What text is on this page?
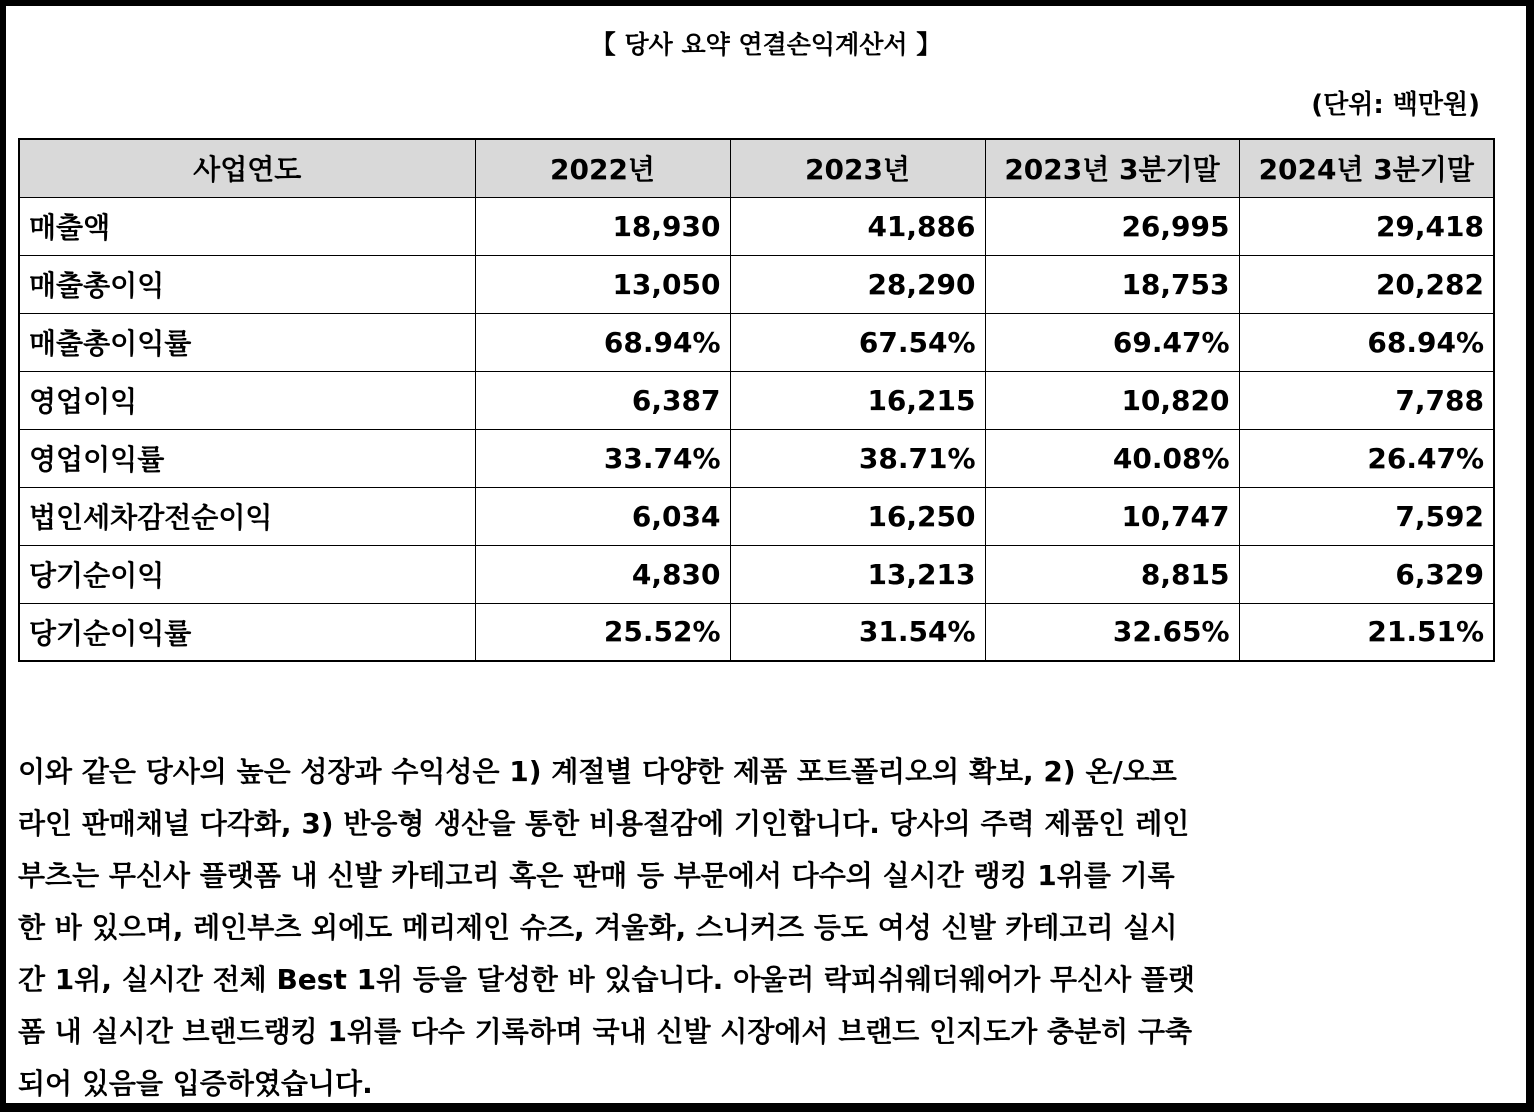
【 당사 요약 연결손익계산서 】
(단위: 백만원)
사업연도	2022년	2023년	2023년 3분기말	2024년 3분기말
매출액	18,930	41,886	26,995	29,418
매출총이익	13,050	28,290	18,753	20,282
매출총이익률	68.94%	67.54%	69.47%	68.94%
영업이익	6,387	16,215	10,820	7,788
영업이익률	33.74%	38.71%	40.08%	26.47%
법인세차감전순이익	6,034	16,250	10,747	7,592
당기순이익	4,830	13,213	8,815	6,329
당기순이익률	25.52%	31.54%	32.65%	21.51%
이와 같은 당사의 높은 성장과 수익성은 1) 계절별 다양한 제품 포트폴리오의 확보, 2) 온/오프
라인 판매채널 다각화, 3) 반응형 생산을 통한 비용절감에 기인합니다. 당사의 주력 제품인 레인
부츠는 무신사 플랫폼 내 신발 카테고리 혹은 판매 등 부문에서 다수의 실시간 랭킹 1위를 기록
한 바 있으며, 레인부츠 외에도 메리제인 슈즈, 겨울화, 스니커즈 등도 여성 신발 카테고리 실시
간 1위, 실시간 전체 Best 1위 등을 달성한 바 있습니다. 아울러 락피쉬웨더웨어가 무신사 플랫
폼 내 실시간 브랜드랭킹 1위를 다수 기록하며 국내 신발 시장에서 브랜드 인지도가 충분히 구축
되어 있음을 입증하였습니다.
